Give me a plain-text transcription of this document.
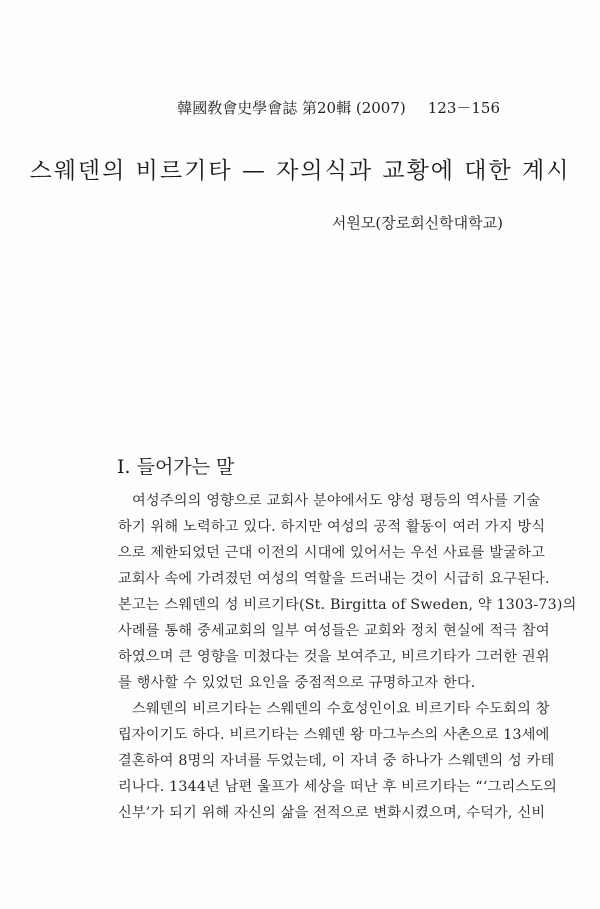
韓國敎會史學會誌 第20輯 (2007) 123－156
스웨덴의 비르기타 — 자의식과 교황에 대한 계시
서원모(장로회신학대학교)
I. 들어가는 말
여성주의의 영향으로 교회사 분야에서도 양성 평등의 역사를 기술
하기 위해 노력하고 있다. 하지만 여성의 공적 활동이 여러 가지 방식
으로 제한되었던 근대 이전의 시대에 있어서는 우선 사료를 발굴하고
교회사 속에 가려졌던 여성의 역할을 드러내는 것이 시급히 요구된다.
본고는 스웨덴의 성 비르기타(St. Birgitta of Sweden, 약 1303-73)의
사례를 통해 중세교회의 일부 여성들은 교회와 정치 현실에 적극 참여
하였으며 큰 영향을 미쳤다는 것을 보여주고, 비르기타가 그러한 권위
를 행사할 수 있었던 요인을 중점적으로 규명하고자 한다.
스웨덴의 비르기타는 스웨덴의 수호성인이요 비르기타 수도회의 창
립자이기도 하다. 비르기타는 스웨덴 왕 마그누스의 사촌으로 13세에
결혼하여 8명의 자녀를 두었는데, 이 자녀 중 하나가 스웨덴의 성 카테
리나다. 1344년 남편 울프가 세상을 떠난 후 비르기타는 “‘그리스도의
신부’가 되기 위해 자신의 삶을 전적으로 변화시켰으며, 수덕가, 신비
